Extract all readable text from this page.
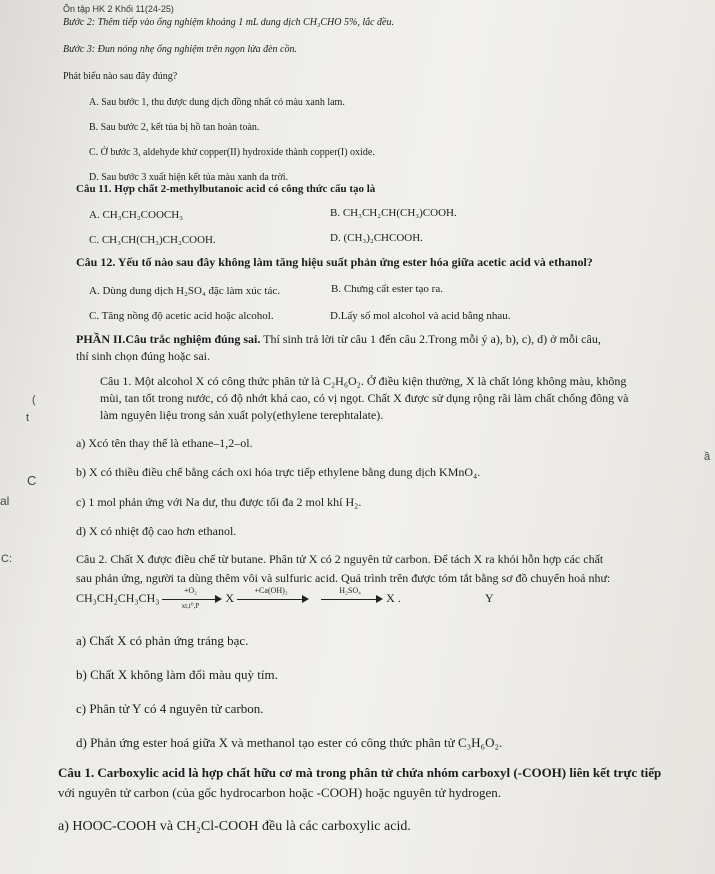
Ôn tập HK 2 Khối 11(24-25)
Bước 2: Thêm tiếp vào ống nghiệm khoảng 1 mL dung dịch CH₃CHO 5%, lắc đều.
Bước 3: Đun nóng nhẹ ống nghiệm trên ngọn lửa đèn cồn.
Phát biểu nào sau đây đúng?
A. Sau bước 1, thu được dung dịch đồng nhất có màu xanh lam.
B. Sau bước 2, kết tủa bị hồ tan hoàn toàn.
C. Ở bước 3, aldehyde khử copper(II) hydroxide thành copper(I) oxide.
D. Sau bước 3 xuất hiện kết tủa màu xanh da trời.
Câu 11. Hợp chất 2-methylbutanoic acid có công thức cấu tạo là
A. CH₃CH₂COOCH₃	B. CH₃CH₂CH(CH₃)COOH.
C. CH₃CH(CH₃)CH₂COOH.	D. (CH₃)₂CHCOOH.
Câu 12. Yếu tố nào sau đây không làm tăng hiệu suất phản ứng ester hóa giữa acetic acid và ethanol?
A. Dùng dung dịch H₂SO₄ đặc làm xúc tác.	B. Chưng cất ester tạo ra.
C. Tăng nồng độ acetic acid hoặc alcohol.	D.Lấy số mol alcohol và acid bằng nhau.
PHẦN II.Câu trắc nghiệm đúng sai. Thí sinh trả lời từ câu 1 đến câu 2.Trong mỗi ý a), b), c), d) ở mỗi câu,
thí sinh chọn đúng hoặc sai.
Câu 1. Một alcohol X có công thức phân tử là C₂H₆O₂. Ở điều kiện thường, X là chất lỏng không màu, không
mùi, tan tốt trong nước, có độ nhớt khá cao, có vị ngọt. Chất X được sử dụng rộng rãi làm chất chống đông và
làm nguyên liệu trong sản xuất poly(ethylene terephtalate).
a) Xcó tên thay thế là ethane–1,2–ol.
b) X có thiều điều chế bằng cách oxi hóa trực tiếp ethylene bằng dung dịch KMnO₄.
c) 1 mol phản ứng với Na dư, thu được tối đa 2 mol khí H₂.
d) X có nhiệt độ cao hơn ethanol.
Câu 2. Chất X được điều chế từ butane. Phân tử X có 2 nguyên tử carbon. Để tách X ra khỏi hỗn hợp các chất
sau phản ứng, người ta dùng thêm vôi và sulfuric acid. Quá trình trên được tóm tắt bằng sơ đồ chuyển hoá như:
$CH_3CH_2CH_3CH_3 \frac{\text{+O₂}}{\text{xt,t⁰,P}}$ X
+Ca(OH)₂
	H₂SO₄
X .	Y
a) Chất X có phản ứng tráng bạc.
b) Chất X không làm đổi màu quỳ tím.
c) Phân tử Y có 4 nguyên tử carbon.
d) Phản ứng ester hoá giữa X và methanol tạo ester có công thức phân tử C₃H₆O₂.
Câu 1. Carboxylic acid là hợp chất hữu cơ mà trong phân tử chứa nhóm carboxyl (-COOH) liên kết trực tiếp
với nguyên tử carbon (của gốc hydrocarbon hoặc -COOH) hoặc nguyên tử hydrogen.
a) HOOC-COOH và CH₂Cl-COOH đều là các carboxylic acid.
(
t
C
al
C:
ầ
